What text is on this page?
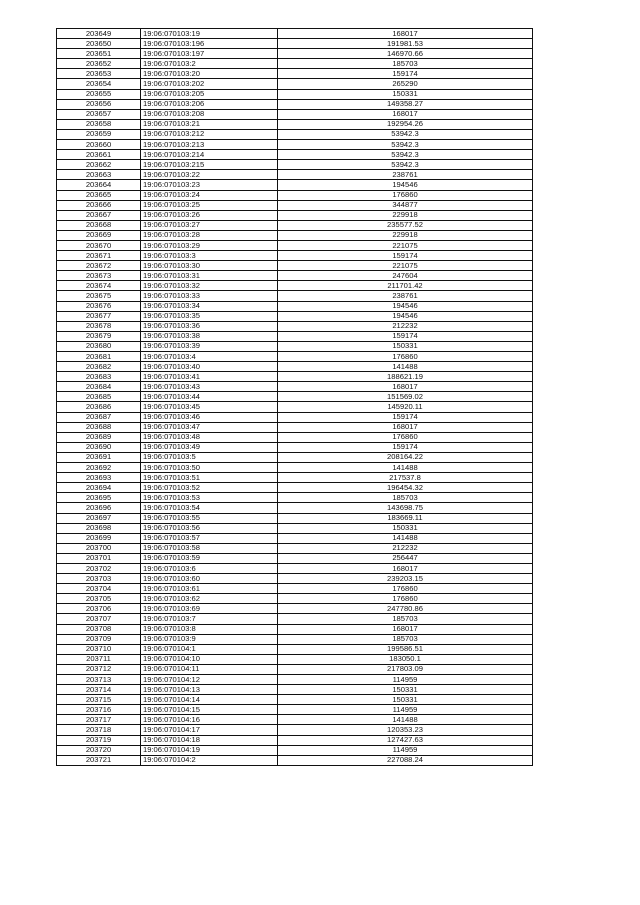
203649	19:06:070103:19	168017
203650	19:06:070103:196	191981.53
203651	19:06:070103:197	146970.66
203652	19:06:070103:2	185703
203653	19:06:070103:20	159174
203654	19:06:070103:202	265290
203655	19:06:070103:205	150331
203656	19:06:070103:206	149358.27
203657	19:06:070103:208	168017
203658	19:06:070103:21	192954.26
203659	19:06:070103:212	53942.3
203660	19:06:070103:213	53942.3
203661	19:06:070103:214	53942.3
203662	19:06:070103:215	53942.3
203663	19:06:070103:22	238761
203664	19:06:070103:23	194546
203665	19:06:070103:24	176860
203666	19:06:070103:25	344877
203667	19:06:070103:26	229918
203668	19:06:070103:27	235577.52
203669	19:06:070103:28	229918
203670	19:06:070103:29	221075
203671	19:06:070103:3	159174
203672	19:06:070103:30	221075
203673	19:06:070103:31	247604
203674	19:06:070103:32	211701.42
203675	19:06:070103:33	238761
203676	19:06:070103:34	194546
203677	19:06:070103:35	194546
203678	19:06:070103:36	212232
203679	19:06:070103:38	159174
203680	19:06:070103:39	150331
203681	19:06:070103:4	176860
203682	19:06:070103:40	141488
203683	19:06:070103:41	188621.19
203684	19:06:070103:43	168017
203685	19:06:070103:44	151569.02
203686	19:06:070103:45	145920.11
203687	19:06:070103:46	159174
203688	19:06:070103:47	168017
203689	19:06:070103:48	176860
203690	19:06:070103:49	159174
203691	19:06:070103:5	208164.22
203692	19:06:070103:50	141488
203693	19:06:070103:51	217537.8
203694	19:06:070103:52	196454.32
203695	19:06:070103:53	185703
203696	19:06:070103:54	143698.75
203697	19:06:070103:55	183669.11
203698	19:06:070103:56	150331
203699	19:06:070103:57	141488
203700	19:06:070103:58	212232
203701	19:06:070103:59	256447
203702	19:06:070103:6	168017
203703	19:06:070103:60	239203.15
203704	19:06:070103:61	176860
203705	19:06:070103:62	176860
203706	19:06:070103:69	247780.86
203707	19:06:070103:7	185703
203708	19:06:070103:8	168017
203709	19:06:070103:9	185703
203710	19:06:070104:1	199586.51
203711	19:06:070104:10	183050.1
203712	19:06:070104:11	217803.09
203713	19:06:070104:12	114959
203714	19:06:070104:13	150331
203715	19:06:070104:14	150331
203716	19:06:070104:15	114959
203717	19:06:070104:16	141488
203718	19:06:070104:17	120353.23
203719	19:06:070104:18	127427.63
203720	19:06:070104:19	114959
203721	19:06:070104:2	227088.24
